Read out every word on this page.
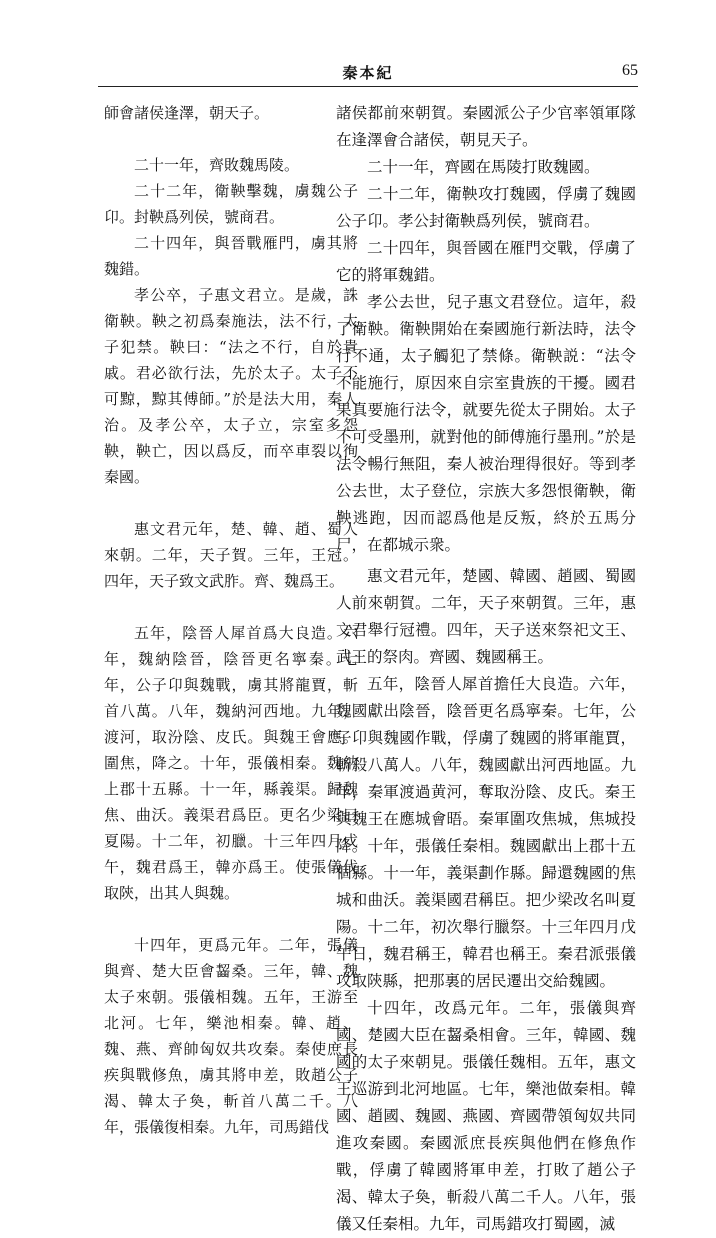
秦本紀	65

師會諸侯逢澤，朝天子。

二十一年，齊敗魏馬陵。

二十二年，衛鞅擊魏，虜魏公子卬。封鞅爲列侯，號商君。

二十四年，與晉戰雁門，虜其將魏錯。

孝公卒，子惠文君立。是歲，誅衛鞅。鞅之初爲秦施法，法不行，太子犯禁。鞅曰：“法之不行，自於貴戚。君必欲行法，先於太子。太子不可黥，黥其傅師。”於是法大用，秦人治。及孝公卒，太子立，宗室多怨鞅，鞅亡，因以爲反，而卒車裂以徇秦國。

惠文君元年，楚、韓、趙、蜀人來朝。二年，天子賀。三年，王冠。四年，天子致文武胙。齊、魏爲王。

五年，陰晉人犀首爲大良造。六年，魏納陰晉，陰晉更名寧秦。七年，公子卬與魏戰，虜其將龍賈，斬首八萬。八年，魏納河西地。九年，渡河，取汾陰、皮氏。與魏王會應。圍焦，降之。十年，張儀相秦。魏納上郡十五縣。十一年，縣義渠。歸魏焦、曲沃。義渠君爲臣。更名少梁曰夏陽。十二年，初臘。十三年四月戊午，魏君爲王，韓亦爲王。使張儀伐取陝，出其人與魏。

十四年，更爲元年。二年，張儀與齊、楚大臣會齧桑。三年，韓、魏太子來朝。張儀相魏。五年，王游至北河。七年，樂池相秦。韓、趙、魏、燕、齊帥匈奴共攻秦。秦使庶長疾與戰修魚，虜其將申差，敗趙公子渴、韓太子奐，斬首八萬二千。八年，張儀復相秦。九年，司馬錯伐

諸侯都前來朝賀。秦國派公子少官率領軍隊在逢澤會合諸侯，朝見天子。

二十一年，齊國在馬陵打敗魏國。

二十二年，衛鞅攻打魏國，俘虜了魏國公子卬。孝公封衛鞅爲列侯，號商君。

二十四年，與晉國在雁門交戰，俘虜了它的將軍魏錯。

孝公去世，兒子惠文君登位。這年，殺了衛鞅。衛鞅開始在秦國施行新法時，法令行不通，太子觸犯了禁條。衛鞅説：“法令不能施行，原因來自宗室貴族的干擾。國君果真要施行法令，就要先從太子開始。太子不可受墨刑，就對他的師傅施行墨刑。”於是法令暢行無阻，秦人被治理得很好。等到孝公去世，太子登位，宗族大多怨恨衛鞅，衛鞅逃跑，因而認爲他是反叛，終於五馬分尸，在都城示衆。

惠文君元年，楚國、韓國、趙國、蜀國人前來朝賀。二年，天子來朝賀。三年，惠文君舉行冠禮。四年，天子送來祭祀文王、武王的祭肉。齊國、魏國稱王。

五年，陰晉人犀首擔任大良造。六年，魏國獻出陰晉，陰晉更名爲寧秦。七年，公子卬與魏國作戰，俘虜了魏國的將軍龍賈，斬殺八萬人。八年，魏國獻出河西地區。九年，秦軍渡過黄河，奪取汾陰、皮氏。秦王與魏王在應城會晤。秦軍圍攻焦城，焦城投降。十年，張儀任秦相。魏國獻出上郡十五個縣。十一年，義渠劃作縣。歸還魏國的焦城和曲沃。義渠國君稱臣。把少梁改名叫夏陽。十二年，初次舉行臘祭。十三年四月戊午日，魏君稱王，韓君也稱王。秦君派張儀攻取陝縣，把那裏的居民遷出交給魏國。

十四年，改爲元年。二年，張儀與齊國、楚國大臣在齧桑相會。三年，韓國、魏國的太子來朝見。張儀任魏相。五年，惠文王巡游到北河地區。七年，樂池做秦相。韓國、趙國、魏國、燕國、齊國帶領匈奴共同進攻秦國。秦國派庶長疾與他們在修魚作戰，俘虜了韓國將軍申差，打敗了趙公子渴、韓太子奐，斬殺八萬二千人。八年，張儀又任秦相。九年，司馬錯攻打蜀國，滅
